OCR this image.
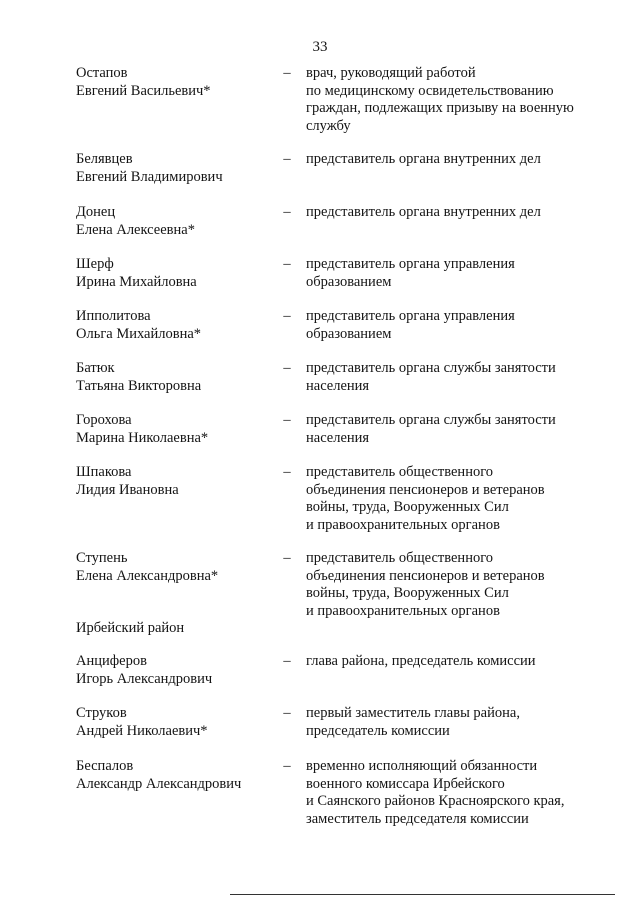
33
Остапов
Евгений Васильевич*
– врач, руководящий работой
по медицинскому освидетельствованию
граждан, подлежащих призыву на военную
службу
Белявцев
Евгений Владимирович
– представитель органа внутренних дел
Донец
Елена Алексеевна*
– представитель органа внутренних дел
Шерф
Ирина Михайловна
– представитель органа управления
образованием
Ипполитова
Ольга Михайловна*
– представитель органа управления
образованием
Батюк
Татьяна Викторовна
– представитель органа службы занятости
населения
Горохова
Марина Николаевна*
– представитель органа службы занятости
населения
Шпакова
Лидия Ивановна
– представитель общественного
объединения пенсионеров и ветеранов
войны, труда, Вооруженных Сил
и правоохранительных органов
Ступень
Елена Александровна*
– представитель общественного
объединения пенсионеров и ветеранов
войны, труда, Вооруженных Сил
и правоохранительных органов
Ирбейский район
Анциферов
Игорь Александрович
– глава района, председатель комиссии
Струков
Андрей Николаевич*
– первый заместитель главы района,
председатель комиссии
Беспалов
Александр Александрович
– временно исполняющий обязанности
военного комиссара Ирбейского
и Саянского районов Красноярского края,
заместитель председателя комиссии
